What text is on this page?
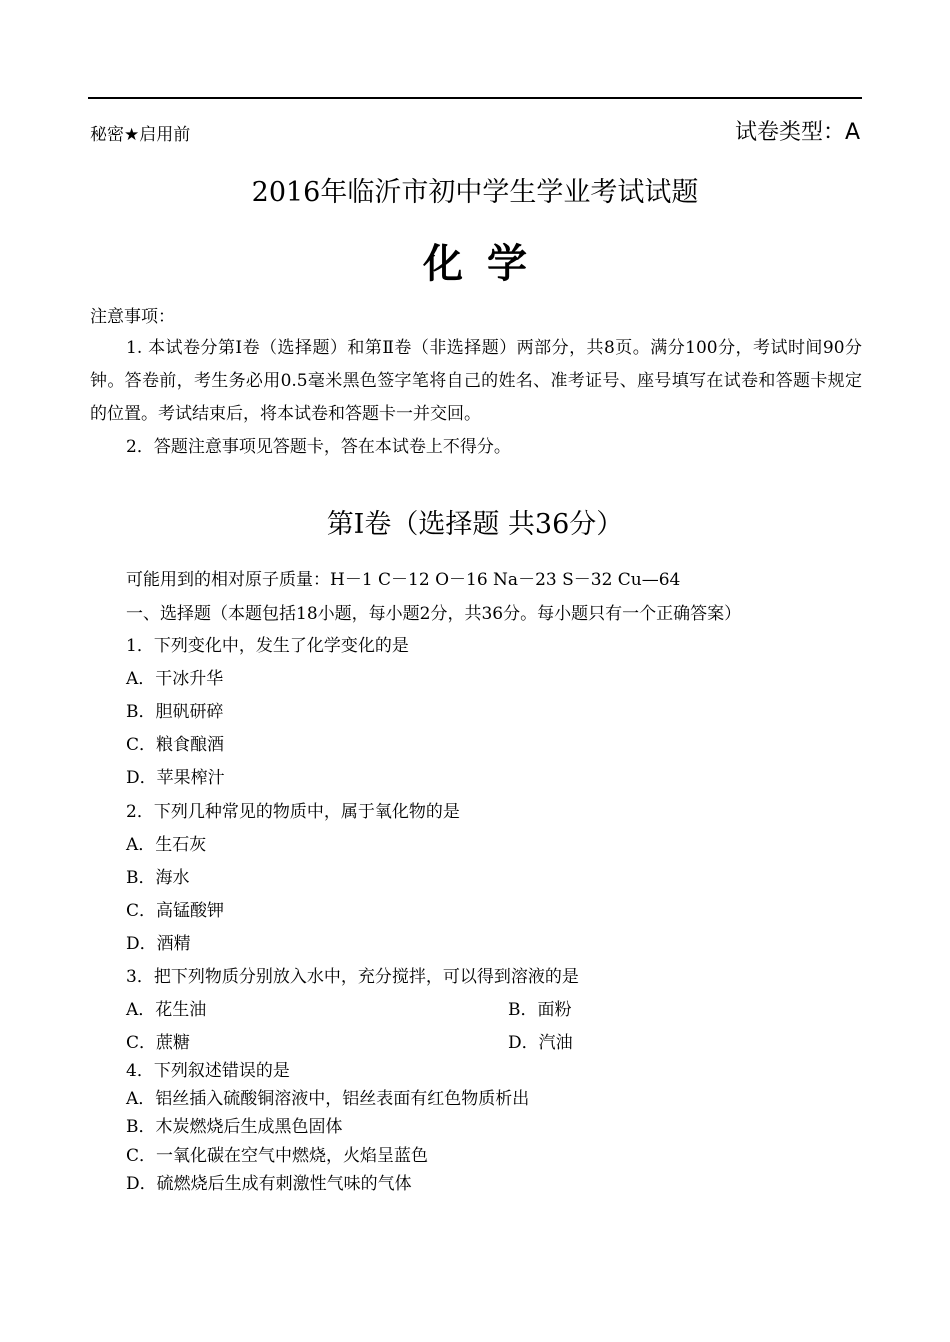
秘密★启用前	试卷类型：A
2016年临沂市初中学生学业考试试题
化学
注意事项：
1. 本试卷分第Ⅰ卷（选择题）和第Ⅱ卷（非选择题）两部分，共8页。满分100分，考试时间90分钟。答卷前，考生务必用0.5毫米黑色签字笔将自己的姓名、准考证号、座号填写在试卷和答题卡规定的位置。考试结束后，将本试卷和答题卡一并交回。
2．答题注意事项见答题卡，答在本试卷上不得分。
第Ⅰ卷（选择题 共36分）
可能用到的相对原子质量：H－1 C－12 O－16 Na－23 S－32 Cu—64
一、选择题（本题包括18小题，每小题2分，共36分。每小题只有一个正确答案）
1．下列变化中，发生了化学变化的是
A．干冰升华
B．胆矾研碎
C．粮食酿酒
D．苹果榨汁
2．下列几种常见的物质中，属于氧化物的是
A．生石灰
B．海水
C．高锰酸钾
D．酒精
3．把下列物质分别放入水中，充分搅拌，可以得到溶液的是
A．花生油	B．面粉
C．蔗糖	D．汽油
4．下列叙述错误的是
A．铝丝插入硫酸铜溶液中，铝丝表面有红色物质析出
B．木炭燃烧后生成黑色固体
C．一氧化碳在空气中燃烧，火焰呈蓝色
D．硫燃烧后生成有刺激性气味的气体
